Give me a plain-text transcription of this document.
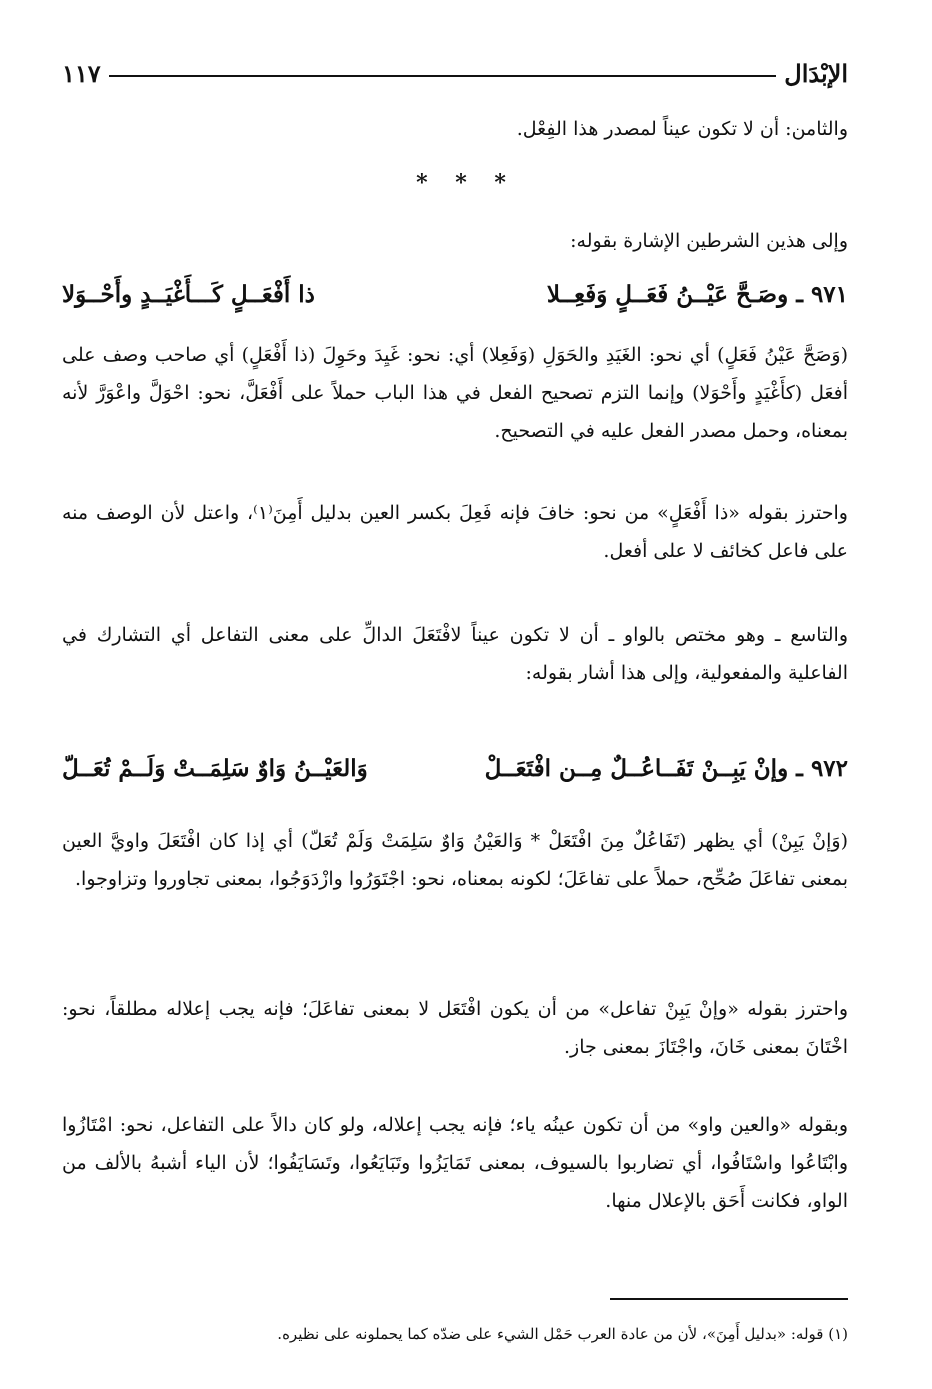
الإبْدَال
١١٧

والثامن: أن لا تكون عيناً لمصدر هذا الفِعْل.

* * *

وإلى هذين الشرطين الإشارة بقوله:

٩٧١ ـ وصَـحَّ عَيْــنُ فَعَــلٍ وَفَعِــلا
ذا أَفْعَــلٍ كَـــأَغْيَــدٍ وأَحْــوَلا

(وَصَحَّ عَيْنُ فَعَلٍ) أي نحو: الغَيَدِ والحَوَلِ (وَفَعِلا) أي: نحو: غَيِدَ وحَوِلَ (ذا أَفْعَلٍ) أي صاحب وصف على أفعَل (كأَغْيَدٍ وأَحْوَلا) وإنما التزم تصحيح الفعل في هذا الباب حملاً على أَفْعَلَّ، نحو: احْوَلَّ واعْوَرَّ لأنه بمعناه، وحمل مصدر الفعل عليه في التصحيح.

واحترز بقوله «ذا أَفْعَلٍ» من نحو: خافَ فإنه فَعِلَ بكسر العين بدليل أَمِنَ⁽١⁾، واعتل لأن الوصف منه على فاعل كخائف لا على أفعل.

والتاسع ـ وهو مختص بالواو ـ أن لا تكون عيناً لافْتَعَلَ الدالِّ على معنى التفاعل أي التشارك في الفاعلية والمفعولية، وإلى هذا أشار بقوله:

٩٧٢ ـ وإنْ يَبِــنْ تَفَــاعُــلٌ مِــن افْتَعَــلْ
وَالعَيْــنُ وَاوٌ سَلِمَــتْ وَلَــمْ تُعَــلّ

(وَإنْ يَبِنْ) أي يظهر (تَفَاعُلٌ مِنَ افْتَعَلْ * وَالعَيْنُ وَاوٌ سَلِمَتْ وَلَمْ تُعَلّ) أي إذا كان افْتَعَلَ واويَّ العين بمعنى تفاعَلَ صُحِّح، حملاً على تفاعَلَ؛ لكونه بمعناه، نحو: اجْتَوَرُوا وازْدَوَجُوا، بمعنى تجاوروا وتزاوجوا.

واحترز بقوله «وإنْ يَبِنْ تفاعل» من أن يكون افْتَعَل لا بمعنى تفاعَلَ؛ فإنه يجب إعلاله مطلقاً، نحو: اخْتَانَ بمعنى خَانَ، واجْتَازَ بمعنى جاز.

وبقوله «والعين واو» من أن تكون عينُه ياء؛ فإنه يجب إعلاله، ولو كان دالاً على التفاعل، نحو: امْتَازُوا وابْتَاعُوا واسْتَافُوا، أي تضاربوا بالسيوف، بمعنى تَمَايَزُوا وتَبَايَعُوا، وتَسَايَفُوا؛ لأن الياء أشبهُ بالألف من الواو، فكانت أَحَق بالإعلال منها.

(١) قوله: «بدليل أَمِنَ»، لأن من عادة العرب حَمْل الشيء على ضدّه كما يحملونه على نظيره.
